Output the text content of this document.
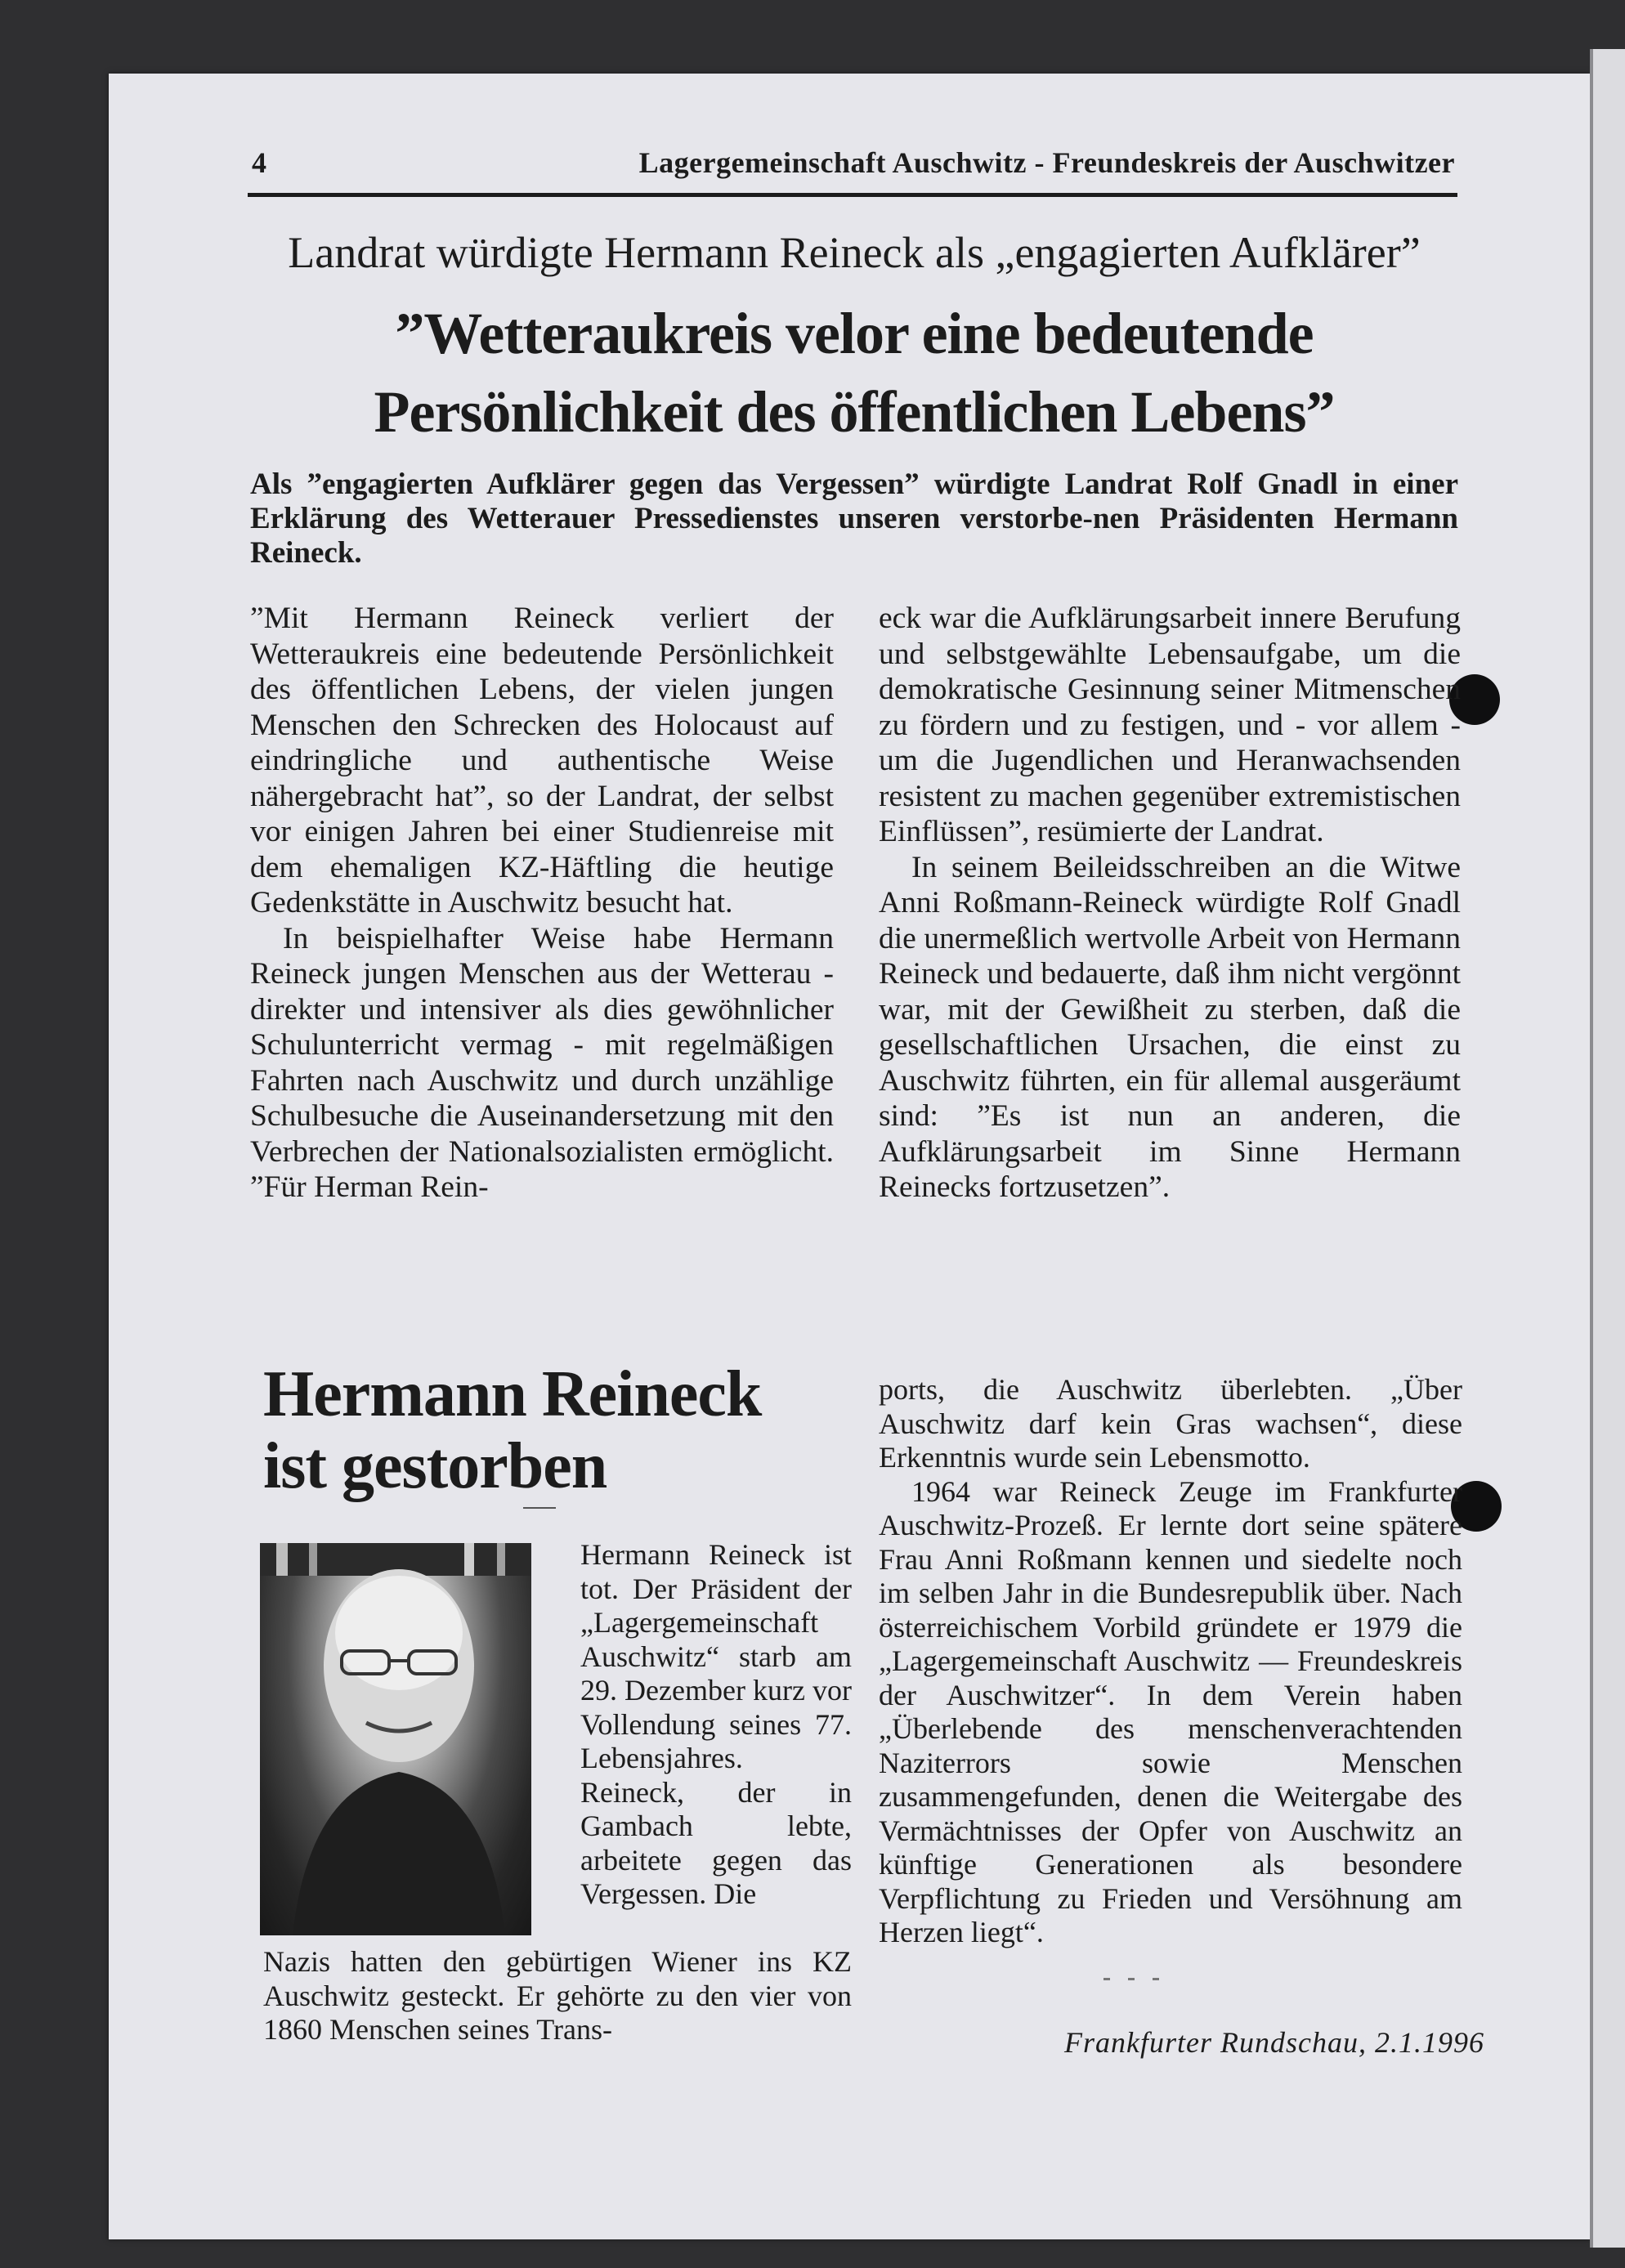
4	Lagergemeinschaft Auschwitz - Freundeskreis der Auschwitzer
Landrat würdigte Hermann Reineck als „engagierten Aufklärer”
”Wetteraukreis velor eine bedeutende
Persönlichkeit des öffentlichen Lebens”
Als ”engagierten Aufklärer gegen das Vergessen” würdigte Landrat Rolf Gnadl in einer Erklärung des Wetterauer Pressedienstes unseren verstorbe-nen Präsidenten Hermann Reineck.

”Mit Hermann Reineck verliert der Wetteraukreis eine bedeutende Persönlichkeit des öffentlichen Lebens, der vielen jungen Menschen den Schrecken des Holocaust auf eindringliche und authentische Weise nähergebracht hat”, so der Landrat, der selbst vor einigen Jahren bei einer Studienreise mit dem ehemaligen KZ-Häftling die heutige Gedenkstätte in Auschwitz besucht hat.

In beispielhafter Weise habe Hermann Reineck jungen Menschen aus der Wetterau - direkter und intensiver als dies gewöhnlicher Schulunterricht vermag - mit regelmäßigen Fahrten nach Auschwitz und durch unzählige Schulbesuche die Auseinandersetzung mit den Verbrechen der Nationalsozialisten ermöglicht. ”Für Herman Rein-

eck war die Aufklärungsarbeit innere Berufung und selbstgewählte Lebensaufgabe, um die demokratische Gesinnung seiner Mitmenschen zu fördern und zu festigen, und - vor allem - um die Jugendlichen und Heranwachsenden resistent zu machen gegenüber extremistischen Einflüssen”, resümierte der Landrat.

In seinem Beileidsschreiben an die Witwe Anni Roßmann-Reineck würdigte Rolf Gnadl die unermeßlich wertvolle Arbeit von Hermann Reineck und bedauerte, daß ihm nicht vergönnt war, mit der Gewißheit zu sterben, daß die gesellschaftlichen Ursachen, die einst zu Auschwitz führten, ein für allemal ausgeräumt sind: ”Es ist nun an anderen, die Aufklärungsarbeit im Sinne Hermann Reinecks fortzusetzen”.

Hermann Reineck
ist gestorben

Hermann Reineck ist tot. Der Präsident der „Lagergemeinschaft Auschwitz“ starb am 29. Dezember kurz vor Vollendung seines 77. Lebensjahres. Reineck, der in Gambach lebte, arbeitete gegen das Vergessen. Die

Nazis hatten den gebürtigen Wiener ins KZ Auschwitz gesteckt. Er gehörte zu den vier von 1860 Menschen seines Trans-

ports, die Auschwitz überlebten. „Über Auschwitz darf kein Gras wachsen“, diese Erkenntnis wurde sein Lebensmotto.

1964 war Reineck Zeuge im Frankfurter Auschwitz-Prozeß. Er lernte dort seine spätere Frau Anni Roßmann kennen und siedelte noch im selben Jahr in die Bundesrepublik über. Nach österreichischem Vorbild gründete er 1979 die „Lagergemeinschaft Auschwitz — Freundeskreis der Auschwitzer“. In dem Verein haben „Überlebende des menschenverachtenden Naziterrors sowie Menschen zusammengefunden, denen die Weitergabe des Vermächtnisses der Opfer von Auschwitz an künftige Generationen als besondere Verpflichtung zu Frieden und Versöhnung am Herzen liegt“.

Frankfurter Rundschau, 2.1.1996
